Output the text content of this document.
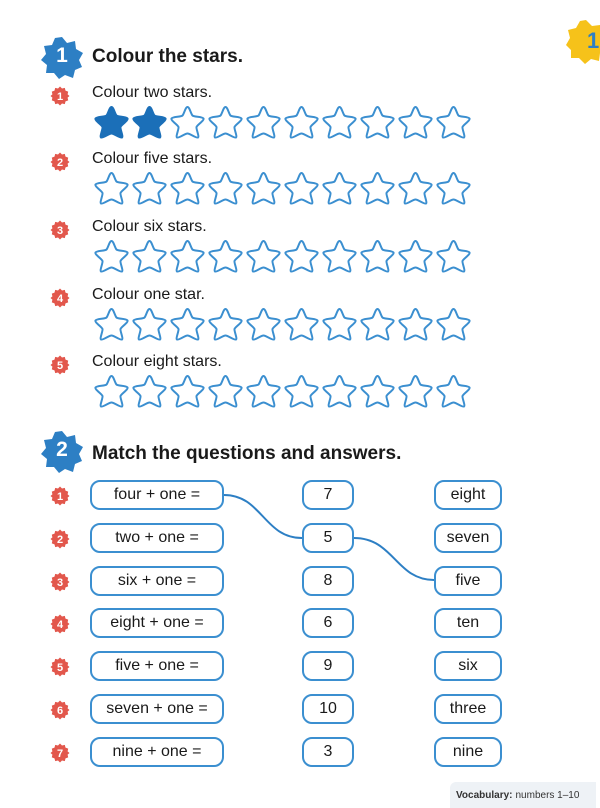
1
1	Colour the stars.
1 Colour two stars.
2 Colour five stars.
3 Colour six stars.
4 Colour one star.
5 Colour eight stars.
2	Match the questions and answers.
1	four + one =	7	eight
2	two + one =	5	seven
3	six + one =	8	five
4	eight + one =	6	ten
5	five + one =	9	six
6	seven + one =	10	three
7	nine + one =	3	nine
Vocabulary: numbers 1–10
